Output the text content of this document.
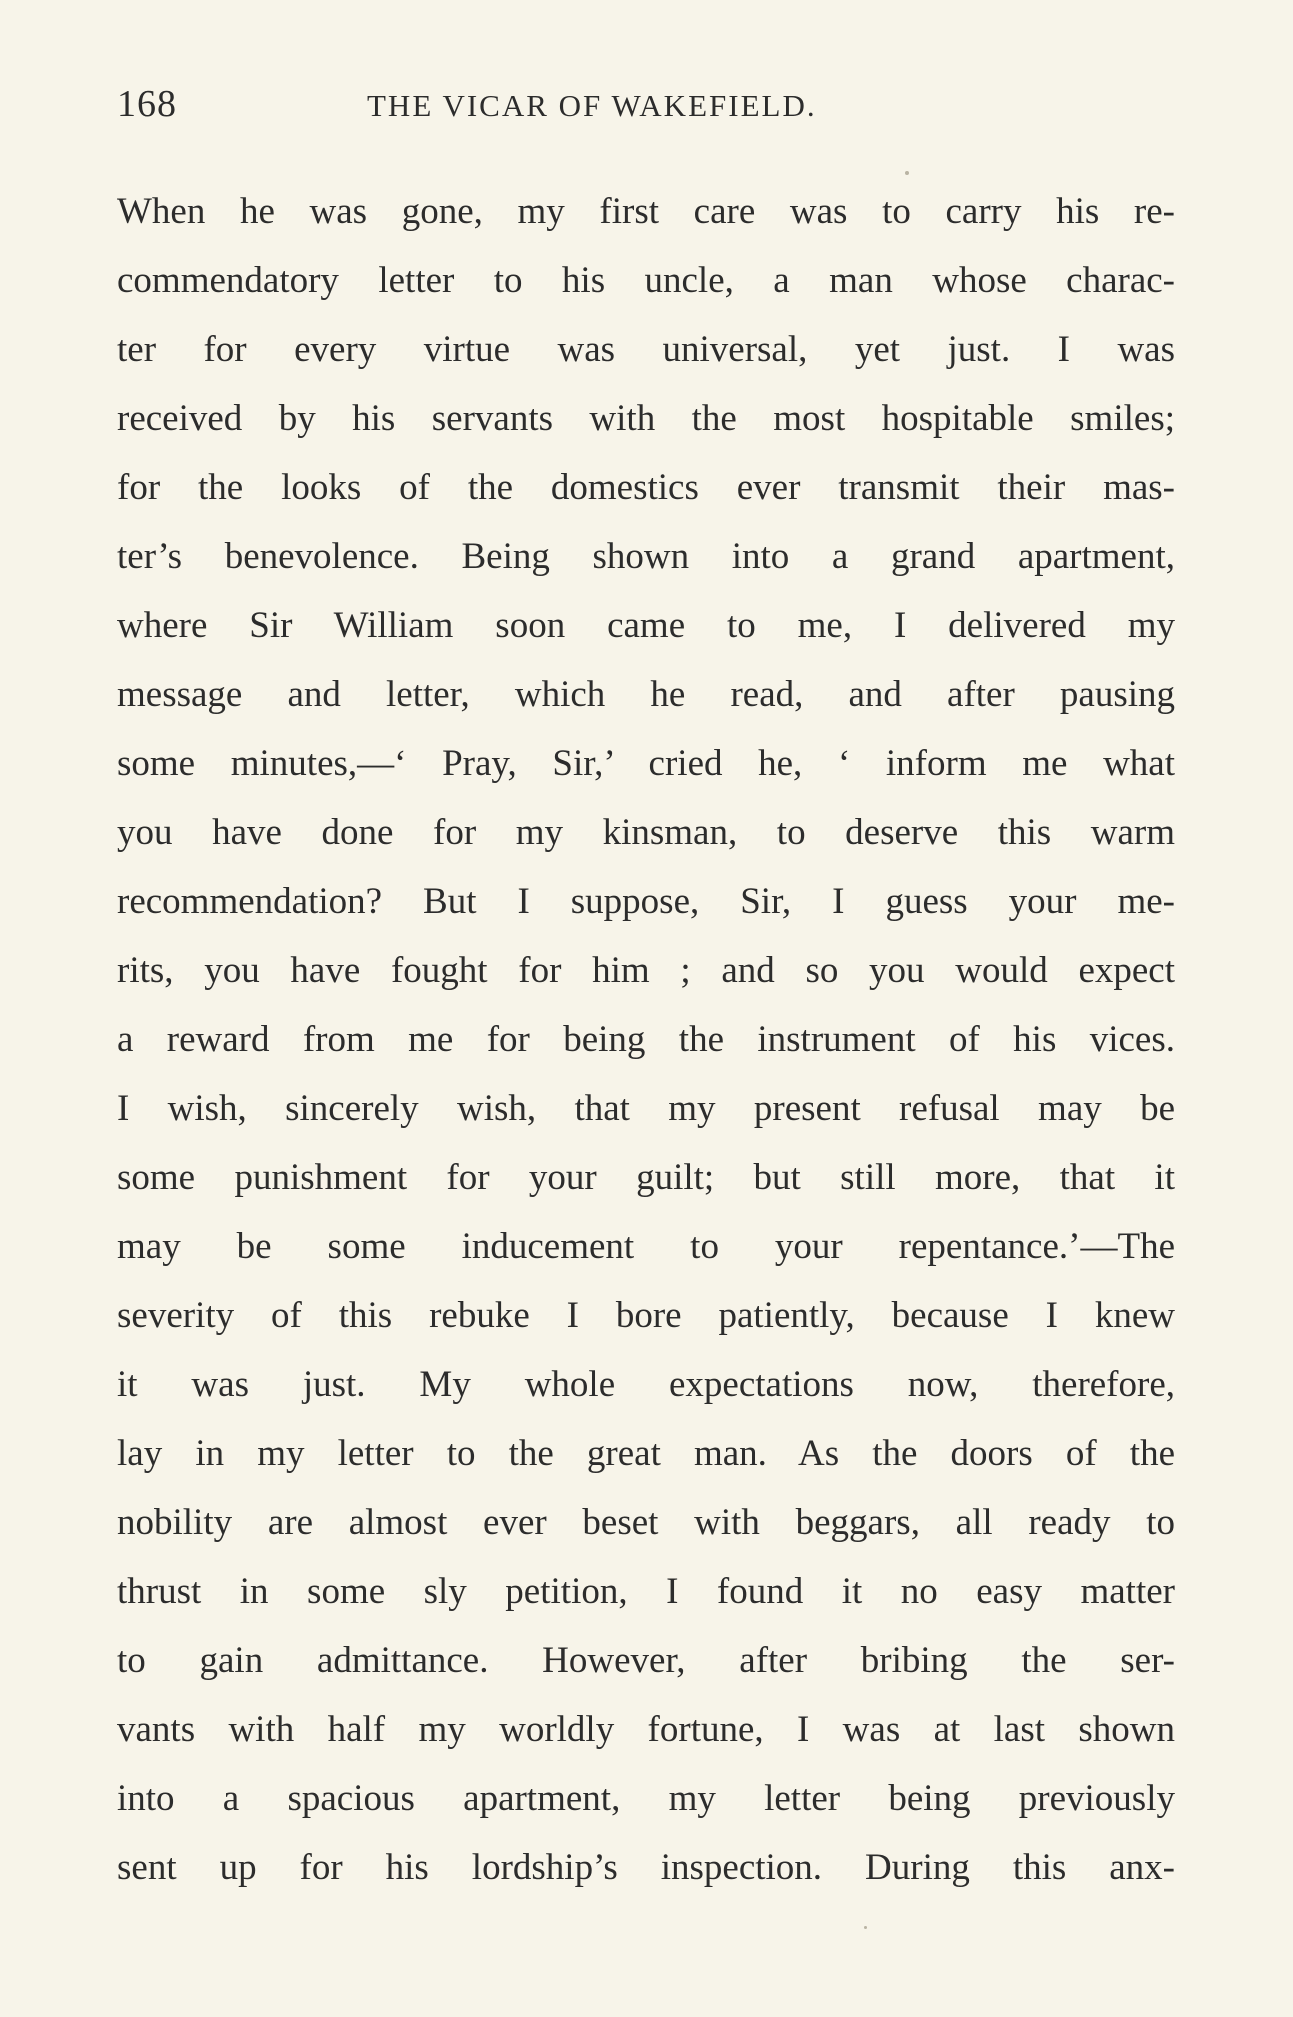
168	THE VICAR OF WAKEFIELD.
When he was gone, my first care was to carry his re-
commendatory letter to his uncle, a man whose charac-
ter for every virtue was universal, yet just. I was
received by his servants with the most hospitable smiles;
for the looks of the domestics ever transmit their mas-
ter’s benevolence. Being shown into a grand apartment,
where Sir William soon came to me, I delivered my
message and letter, which he read, and after pausing
some minutes,—‘ Pray, Sir,’ cried he, ‘ inform me what
you have done for my kinsman, to deserve this warm
recommendation? But I suppose, Sir, I guess your me-
rits, you have fought for him ; and so you would expect
a reward from me for being the instrument of his vices.
I wish, sincerely wish, that my present refusal may be
some punishment for your guilt; but still more, that it
may be some inducement to your repentance.’—The
severity of this rebuke I bore patiently, because I knew
it was just. My whole expectations now, therefore,
lay in my letter to the great man. As the doors of the
nobility are almost ever beset with beggars, all ready to
thrust in some sly petition, I found it no easy matter
to gain admittance. However, after bribing the ser-
vants with half my worldly fortune, I was at last shown
into a spacious apartment, my letter being previously
sent up for his lordship’s inspection. During this anx-
